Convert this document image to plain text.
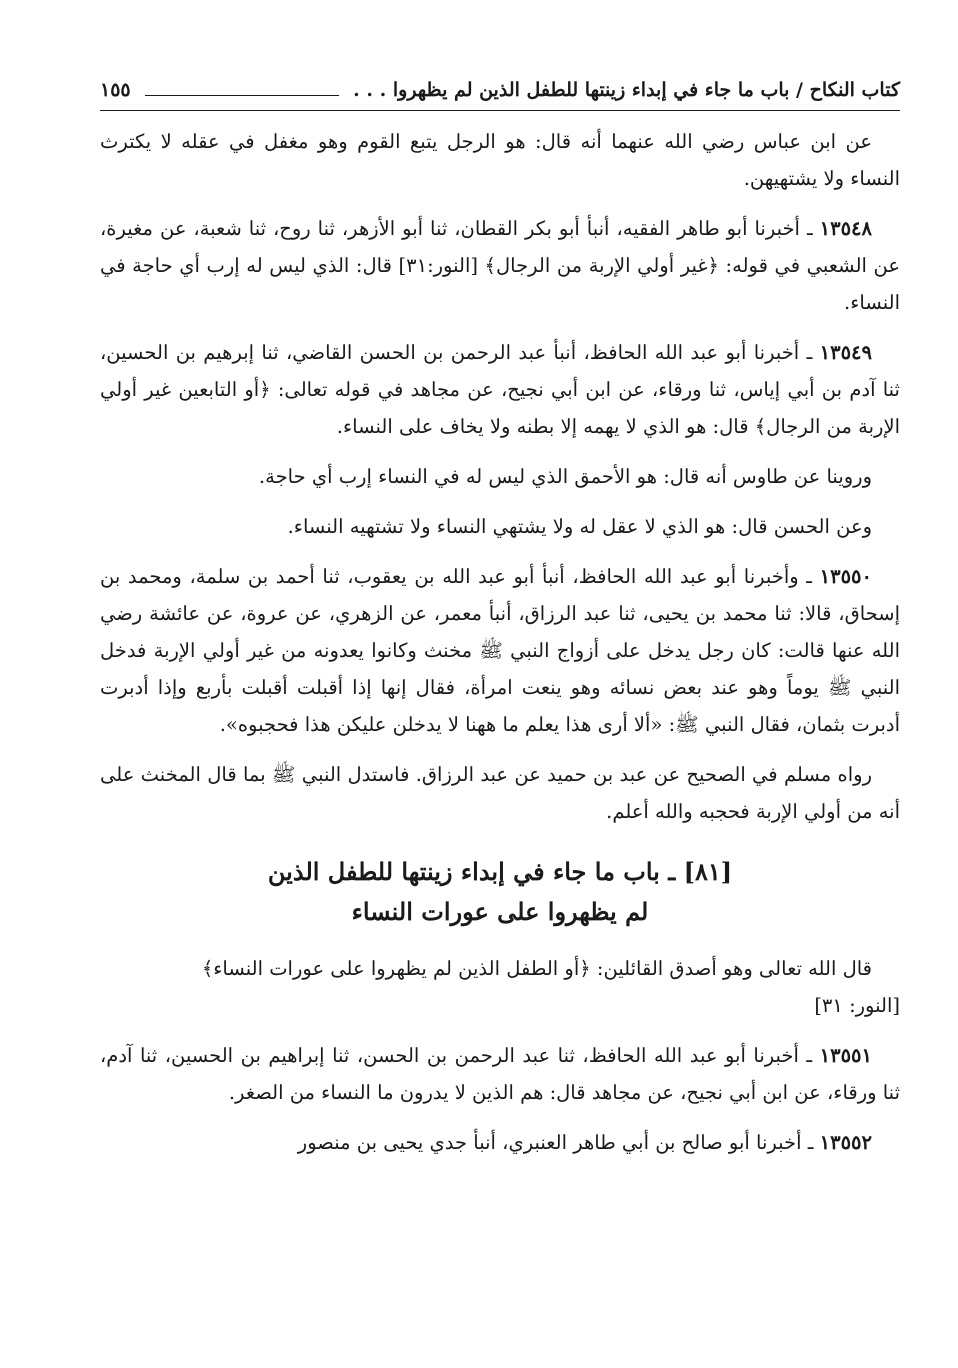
كتاب النكاح / باب ما جاء في إبداء زينتها للطفل الذين لم يظهروا . . .
١٥٥

عن ابن عباس رضي الله عنهما أنه قال: هو الرجل يتبع القوم وهو مغفل في عقله لا يكترث النساء ولا يشتهيهن.

١٣٥٤٨ ـ أخبرنا أبو طاهر الفقيه، أنبأ أبو بكر القطان، ثنا أبو الأزهر، ثنا روح، ثنا شعبة، عن مغيرة، عن الشعبي في قوله: ﴿غير أولي الإربة من الرجال﴾ [النور:٣١] قال: الذي ليس له إرب أي حاجة في النساء.

١٣٥٤٩ ـ أخبرنا أبو عبد الله الحافظ، أنبأ عبد الرحمن بن الحسن القاضي، ثنا إبرهيم بن الحسين، ثنا آدم بن أبي إياس، ثنا ورقاء، عن ابن أبي نجيح، عن مجاهد في قوله تعالى: ﴿أو التابعين غير أولي الإربة من الرجال﴾ قال: هو الذي لا يهمه إلا بطنه ولا يخاف على النساء.

وروينا عن طاوس أنه قال: هو الأحمق الذي ليس له في النساء إرب أي حاجة.

وعن الحسن قال: هو الذي لا عقل له ولا يشتهي النساء ولا تشتهيه النساء.

١٣٥٥٠ ـ وأخبرنا أبو عبد الله الحافظ، أنبأ أبو عبد الله بن يعقوب، ثنا أحمد بن سلمة، ومحمد بن إسحاق، قالا: ثنا محمد بن يحيى، ثنا عبد الرزاق، أنبأ معمر، عن الزهري، عن عروة، عن عائشة رضي الله عنها قالت: كان رجل يدخل على أزواج النبي ﷺ مخنث وكانوا يعدونه من غير أولي الإربة فدخل النبي ﷺ يوماً وهو عند بعض نسائه وهو ينعت امرأة، فقال إنها إذا أقبلت أقبلت بأربع وإذا أدبرت أدبرت بثمان، فقال النبي ﷺ: «ألا أرى هذا يعلم ما ههنا لا يدخلن عليكن هذا فحجبوه».

رواه مسلم في الصحيح عن عبد بن حميد عن عبد الرزاق. فاستدل النبي ﷺ بما قال المخنث على أنه من أولي الإربة فحجبه والله أعلم.

[٨١] ـ باب ما جاء في إبداء زينتها للطفل الذين
لم يظهروا على عورات النساء

قال الله تعالى وهو أصدق القائلين: ﴿أو الطفل الذين لم يظهروا على عورات النساء﴾

[النور: ٣١]

١٣٥٥١ ـ أخبرنا أبو عبد الله الحافظ، ثنا عبد الرحمن بن الحسن، ثنا إبراهيم بن الحسين، ثنا آدم، ثنا ورقاء، عن ابن أبي نجيح، عن مجاهد قال: هم الذين لا يدرون ما النساء من الصغر.

١٣٥٥٢ ـ أخبرنا أبو صالح بن أبي طاهر العنبري، أنبأ جدي يحيى بن منصور
